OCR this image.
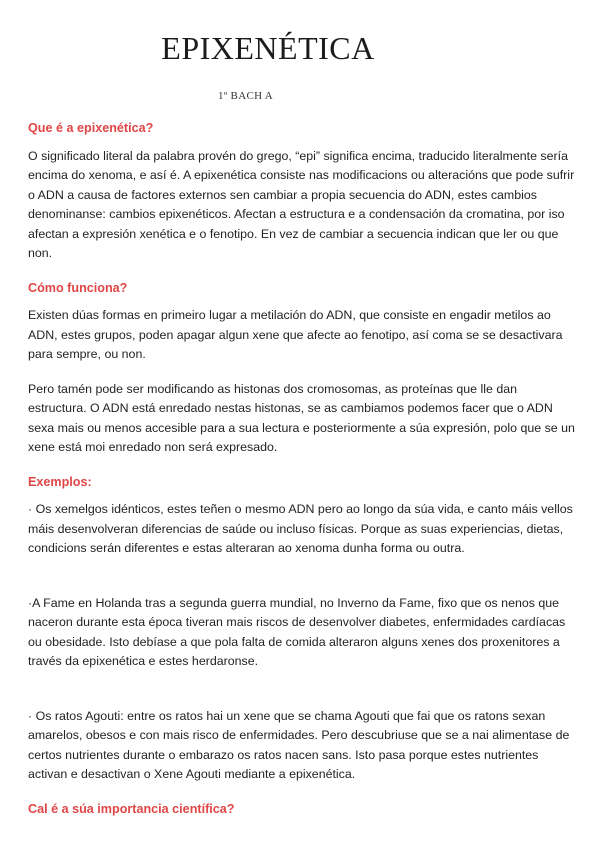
EPIXENÉTICA
1º BACH A

Que é a epixenética?

O significado literal da palabra provén do grego, “epi” significa encima, traducido literalmente sería encima do xenoma, e así é. A epixenética consiste nas modificacions ou alteracións que pode sufrir o ADN a causa de factores externos sen cambiar a propia secuencia do ADN, estes cambios denominanse: cambios epixenéticos. Afectan a estructura e a condensación da cromatina, por iso afectan a expresión xenética e o fenotipo. En vez de cambiar a secuencia indican que ler ou que non.

Cómo funciona?

Existen dúas formas en primeiro lugar a metilación do ADN, que consiste en engadir metilos ao ADN, estes grupos, poden apagar algun xene que afecte ao fenotipo, así coma se se desactivara para sempre, ou non.

Pero tamén pode ser modificando as histonas dos cromosomas, as proteínas que lle dan estructura. O ADN está enredado nestas histonas, se as cambiamos podemos facer que o ADN sexa mais ou menos accesible para a sua lectura e posteriormente a súa expresión, polo que se un xene está moi enredado non será expresado.

Exemplos:

· Os xemelgos idénticos, estes teñen o mesmo ADN pero ao longo da súa vida, e canto máis vellos máis desenvolveran diferencias de saúde ou incluso físicas. Porque as suas experiencias, dietas, condicions serán diferentes e estas alteraran ao xenoma dunha forma ou outra.

·A Fame en Holanda tras a segunda guerra mundial, no Inverno da Fame, fixo que os nenos que naceron durante esta época tiveran mais riscos de desenvolver diabetes, enfermidades cardíacas ou obesidade. Isto debíase a que pola falta de comida alteraron alguns xenes dos proxenitores a través da epixenética e estes herdaronse.

· Os ratos Agouti: entre os ratos hai un xene que se chama Agouti que fai que os ratons sexan amarelos, obesos e con mais risco de enfermidades. Pero descubriuse que se a nai alimentase de certos nutrientes durante o embarazo os ratos nacen sans. Isto pasa porque estes nutrientes activan e desactivan o Xene Agouti mediante a epixenética.

Cal é a súa importancia científica?
